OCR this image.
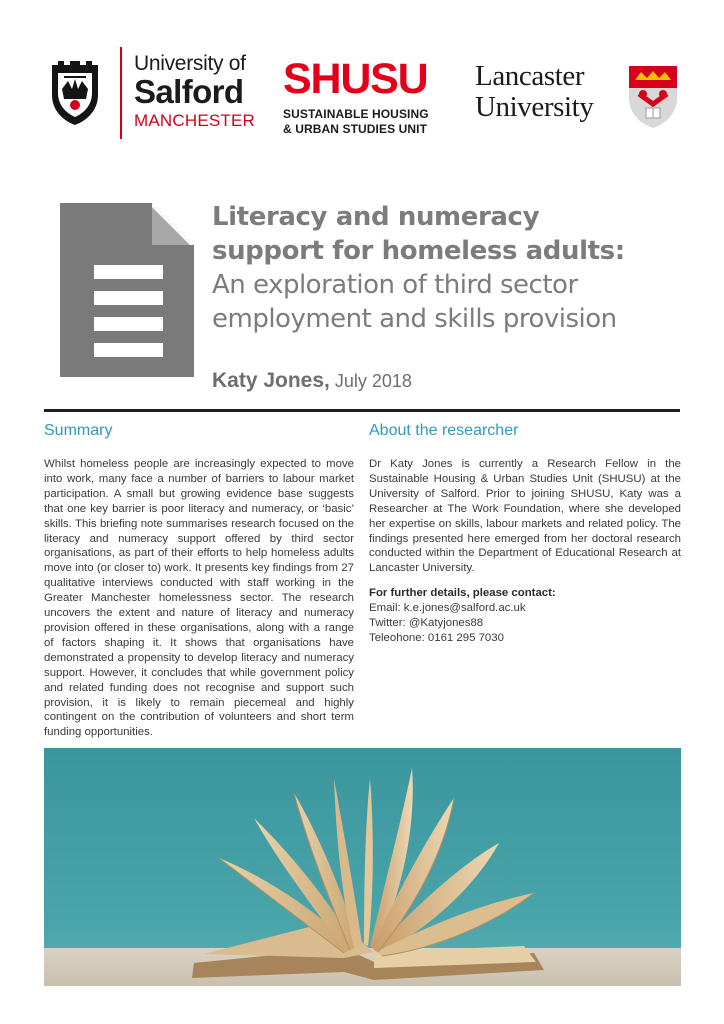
University of
Salford
MANCHESTER
SHUSU
SUSTAINABLE HOUSING
& URBAN STUDIES UNIT
Lancaster
University

Literacy and numeracy

support for homeless adults:

An exploration of third sector

employment and skills provision

Katy Jones, July 2018
Summary

Whilst homeless people are increasingly expected to move into work, many face a number of barriers to labour market participation. A small but growing evidence base suggests that one key barrier is poor literacy and numeracy, or ‘basic’ skills. This briefing note summarises research focused on the literacy and numeracy support offered by third sector organisations, as part of their efforts to help homeless adults move into (or closer to) work. It presents key findings from 27 qualitative interviews conducted with staff working in the Greater Manchester homelessness sector. The research uncovers the extent and nature of literacy and numeracy provision offered in these organisations, along with a range of factors shaping it. It shows that organisations have demonstrated a propensity to develop literacy and numeracy support. However, it concludes that while government policy and related funding does not recognise and support such provision, it is likely to remain piecemeal and highly contingent on the contribution of volunteers and short term funding opportunities.

About the researcher

Dr Katy Jones is currently a Research Fellow in the Sustainable Housing & Urban Studies Unit (SHUSU) at the University of Salford. Prior to joining SHUSU, Katy was a Researcher at The Work Foundation, where she developed her expertise on skills, labour markets and related policy. The findings presented here emerged from her doctoral research conducted within the Department of Educational Research at Lancaster University.

For further details, please contact:
Email: k.e.jones@salford.ac.uk
Twitter: @Katyjones88
Teleohone: 0161 295 7030
